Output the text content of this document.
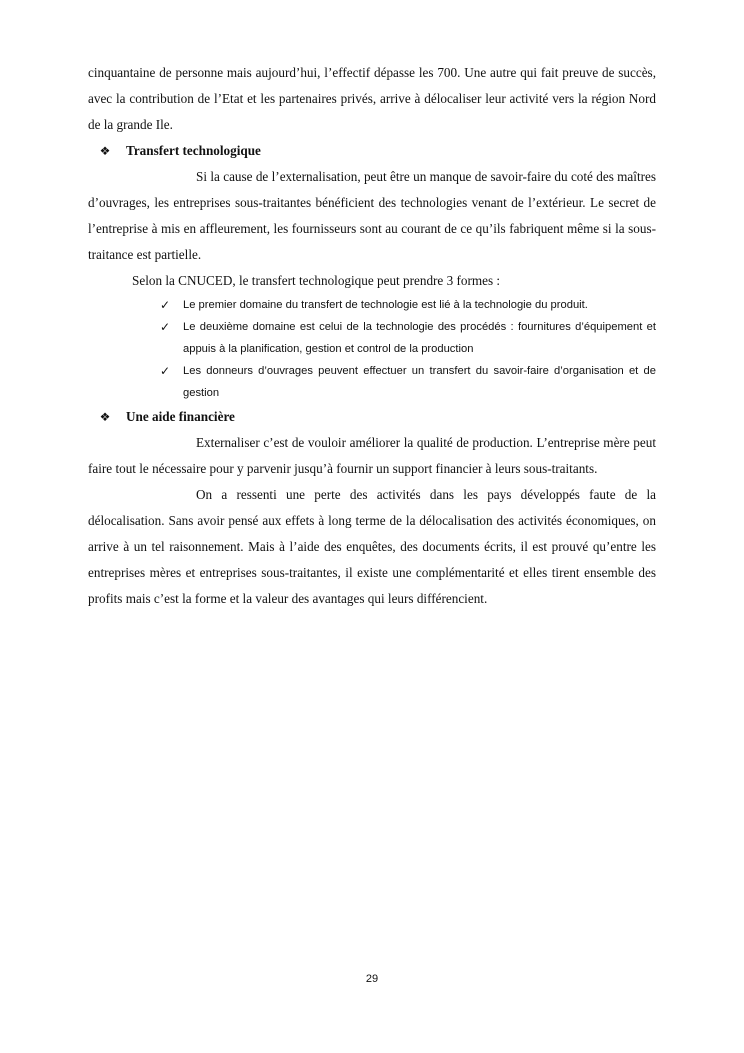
cinquantaine de personne mais aujourd’hui, l’effectif dépasse les 700. Une autre qui fait preuve de succès, avec la contribution de l’Etat et les partenaires privés, arrive à délocaliser leur activité vers la région Nord de la grande Ile.

❖ Transfert technologique

Si la cause de l’externalisation, peut être un manque de savoir-faire du coté des maîtres d’ouvrages, les entreprises sous-traitantes bénéficient des technologies venant de l’extérieur. Le secret de l’entreprise à mis en affleurement, les fournisseurs sont au courant de ce qu’ils fabriquent même si la sous-traitance est partielle.

Selon la CNUCED, le transfert technologique peut prendre 3 formes :

✓ Le premier domaine du transfert de technologie est lié à la technologie du produit.
✓ Le deuxième domaine est celui de la technologie des procédés : fournitures d’équipement et appuis à la planification, gestion et control de la production
✓ Les donneurs d’ouvrages peuvent effectuer un transfert du savoir-faire d’organisation et de gestion
❖ Une aide financière

Externaliser c’est de vouloir améliorer la qualité de production. L’entreprise mère peut faire tout le nécessaire pour y parvenir jusqu’à fournir un support financier à leurs sous-traitants.

On a ressenti une perte des activités dans les pays développés faute de la délocalisation. Sans avoir pensé aux effets à long terme de la délocalisation des activités économiques, on arrive à un tel raisonnement. Mais à l’aide des enquêtes, des documents écrits, il est prouvé qu’entre les entreprises mères et entreprises sous-traitantes, il existe une complémentarité et elles tirent ensemble des profits mais c’est la forme et la valeur des avantages qui leurs différencient.

29
